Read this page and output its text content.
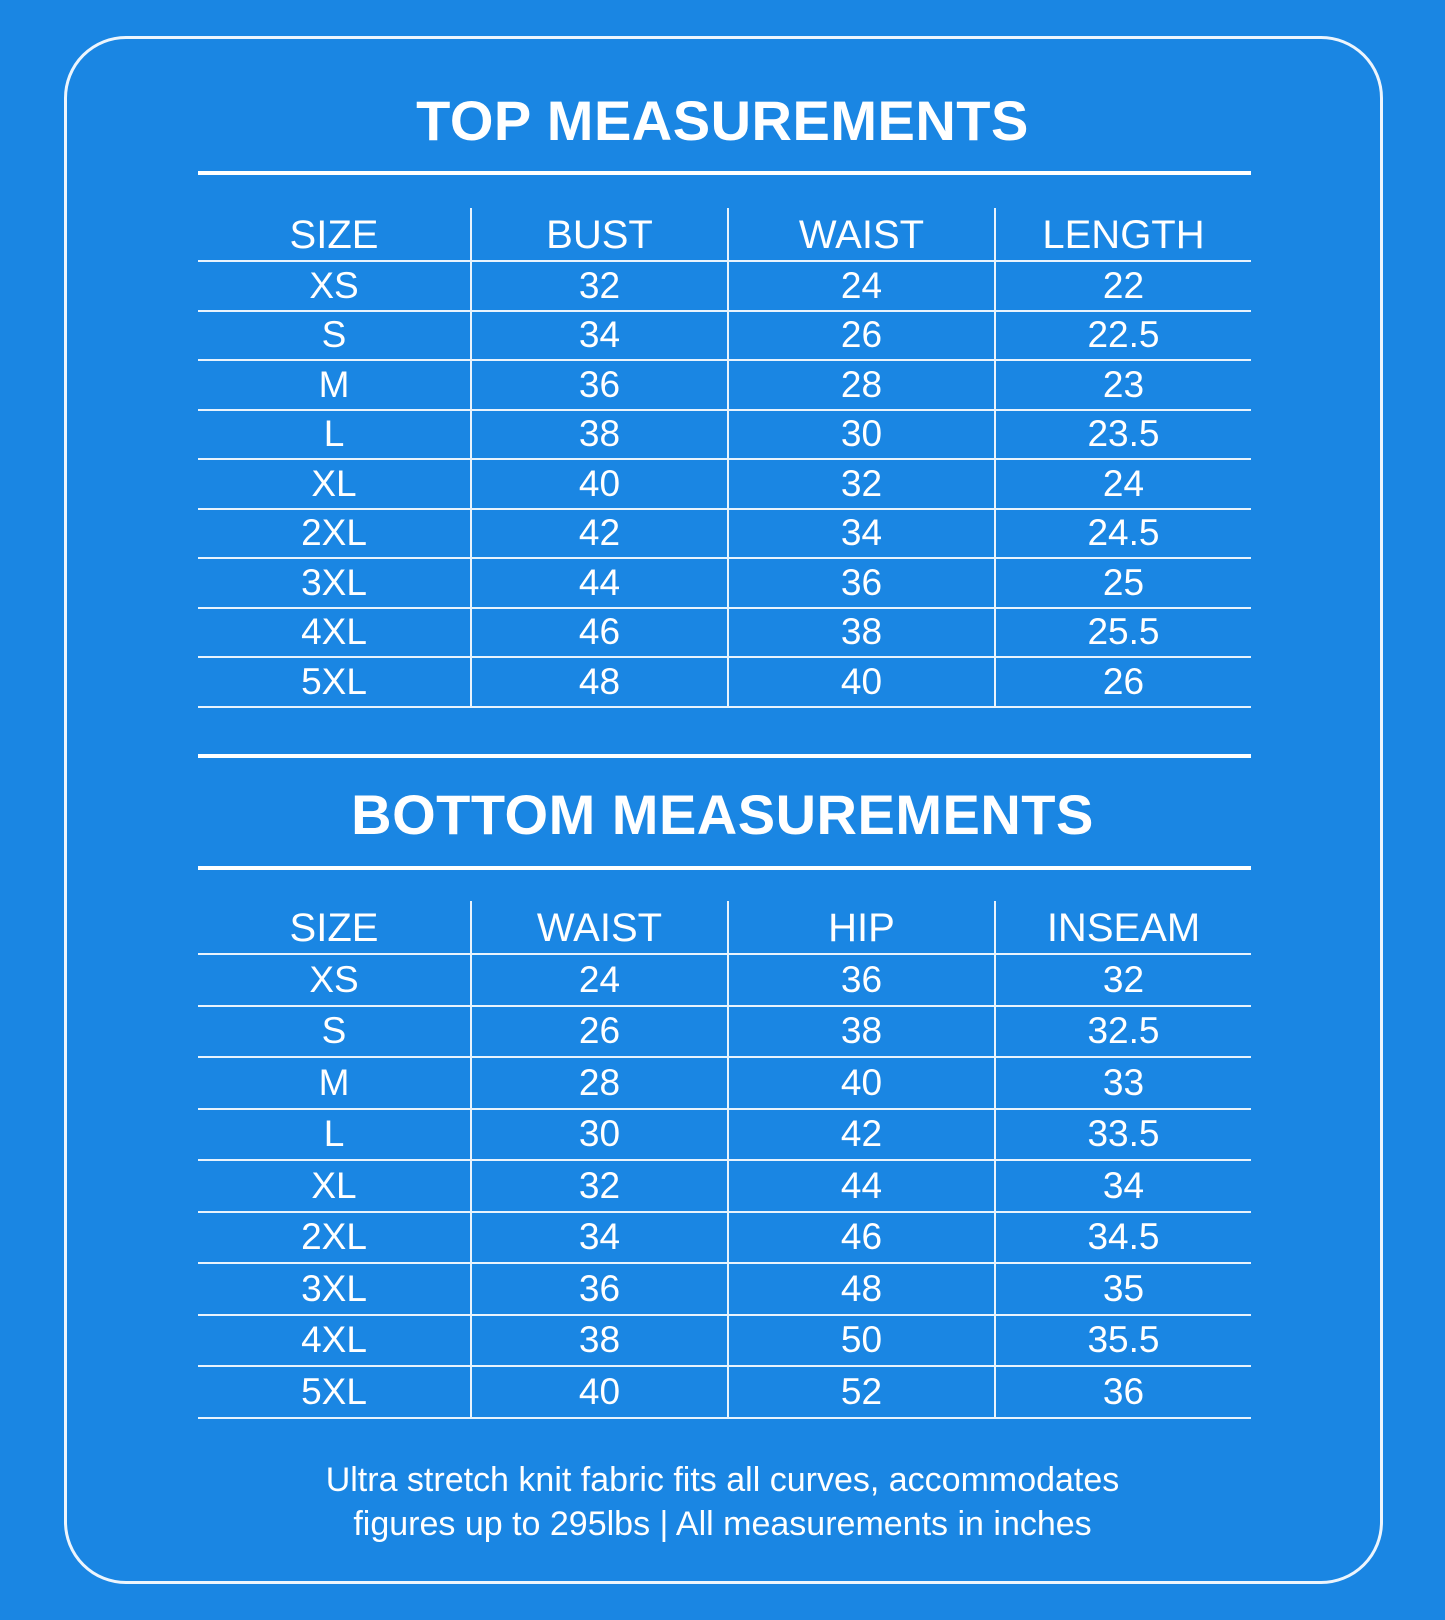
TOP MEASUREMENTS
SIZE	BUST	WAIST	LENGTH
XS	32	24	22
S	34	26	22.5
M	36	28	23
L	38	30	23.5
XL	40	32	24
2XL	42	34	24.5
3XL	44	36	25
4XL	46	38	25.5
5XL	48	40	26
BOTTOM MEASUREMENTS
SIZE	WAIST	HIP	INSEAM
XS	24	36	32
S	26	38	32.5
M	28	40	33
L	30	42	33.5
XL	32	44	34
2XL	34	46	34.5
3XL	36	48	35
4XL	38	50	35.5
5XL	40	52	36
Ultra stretch knit fabric fits all curves, accommodates
figures up to 295lbs | All measurements in inches
